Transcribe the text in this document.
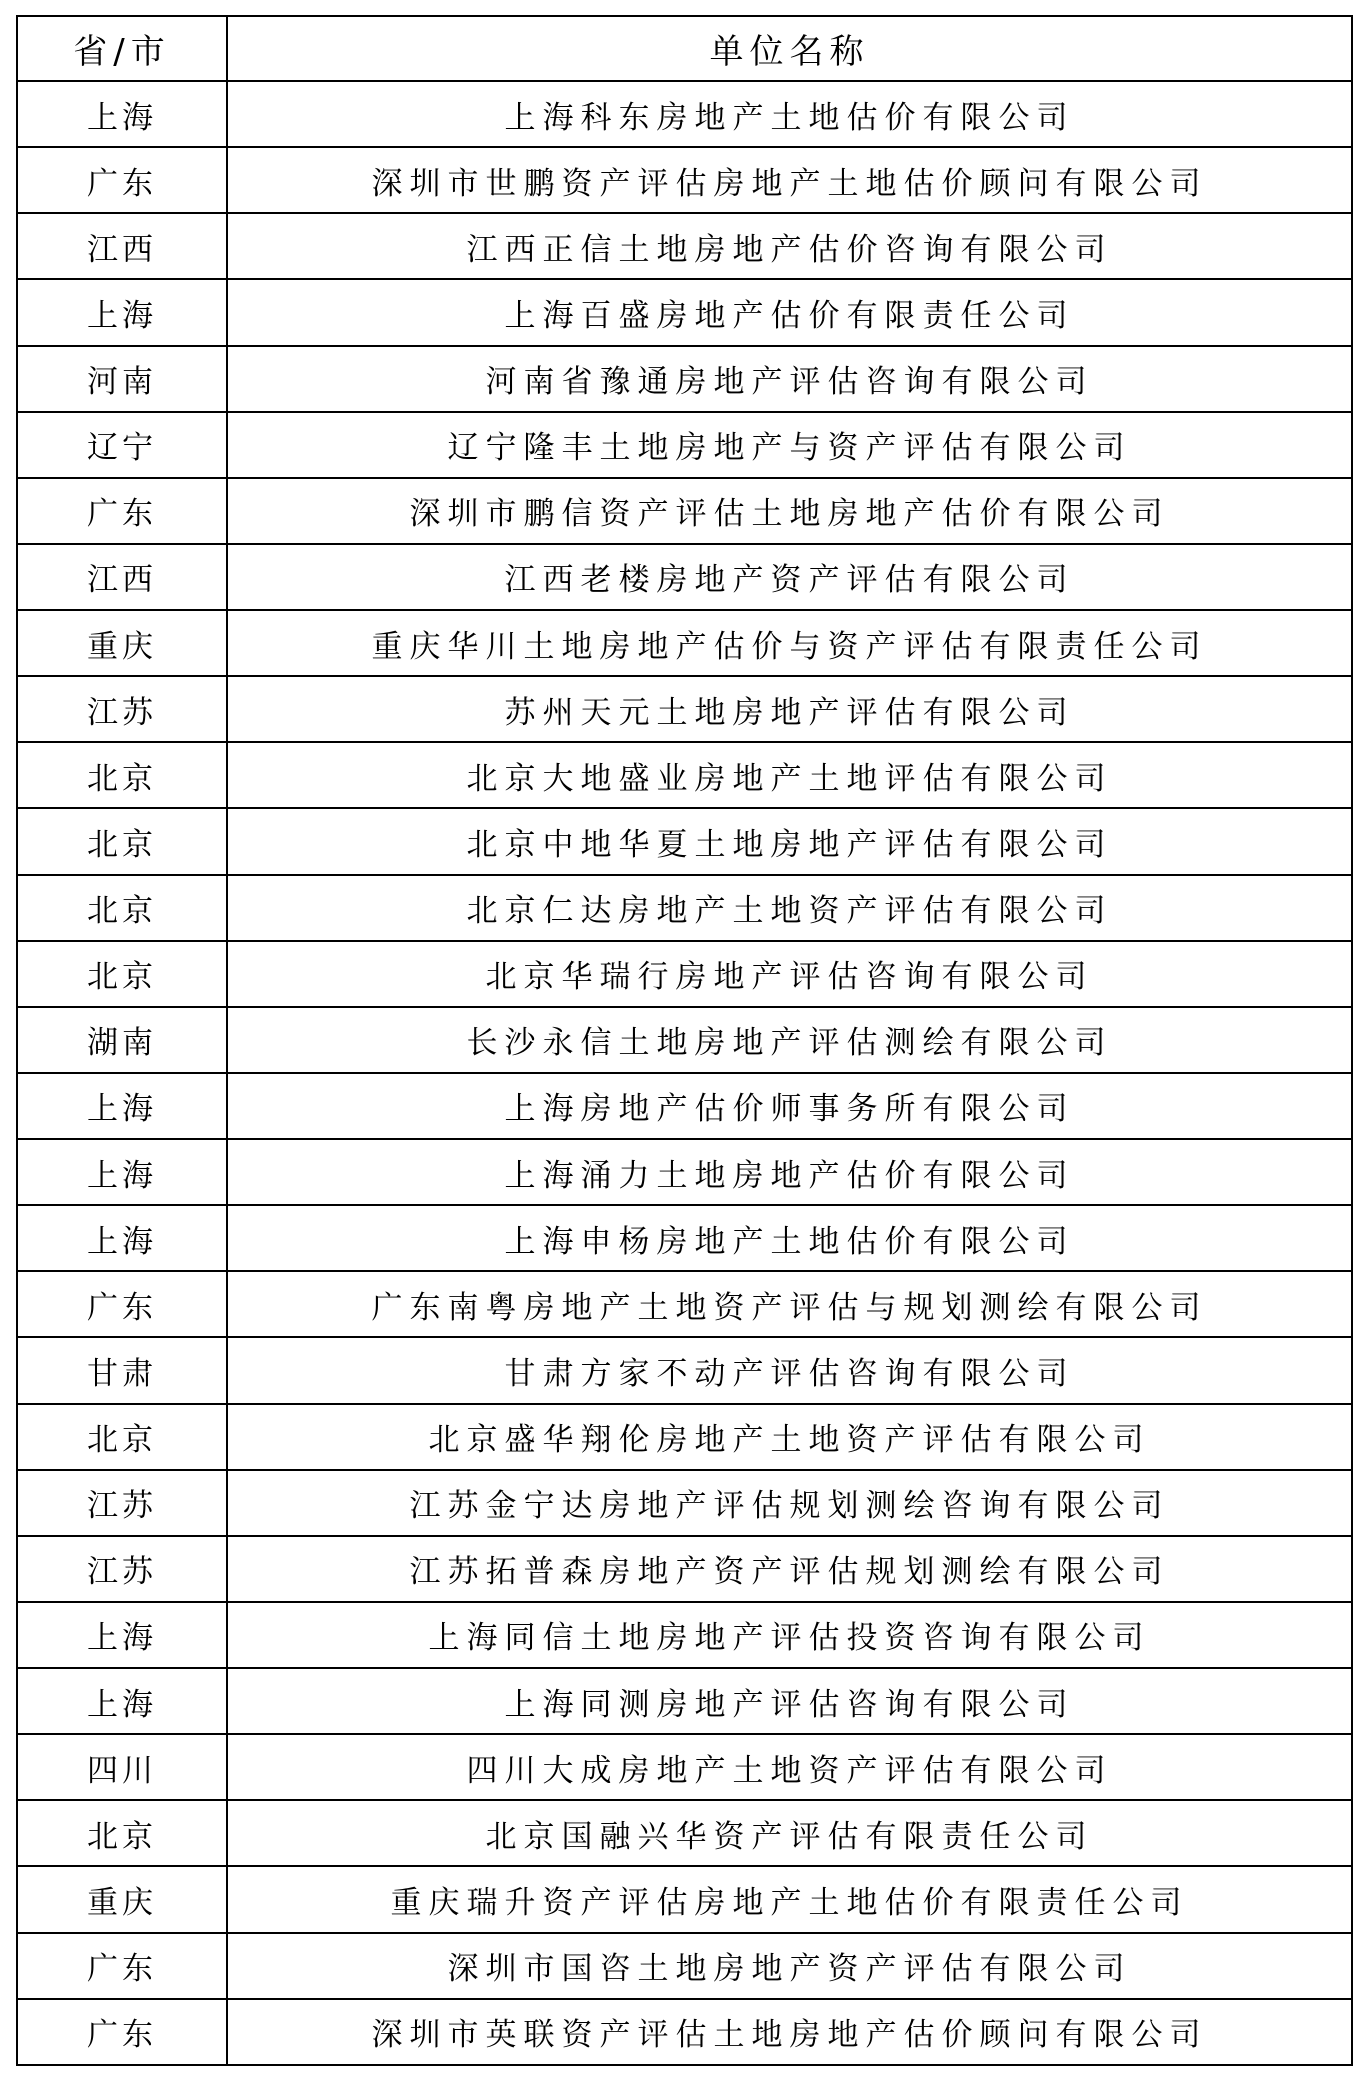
省/市	单位名称
上海	上海科东房地产土地估价有限公司
广东	深圳市世鹏资产评估房地产土地估价顾问有限公司
江西	江西正信土地房地产估价咨询有限公司
上海	上海百盛房地产估价有限责任公司
河南	河南省豫通房地产评估咨询有限公司
辽宁	辽宁隆丰土地房地产与资产评估有限公司
广东	深圳市鹏信资产评估土地房地产估价有限公司
江西	江西老楼房地产资产评估有限公司
重庆	重庆华川土地房地产估价与资产评估有限责任公司
江苏	苏州天元土地房地产评估有限公司
北京	北京大地盛业房地产土地评估有限公司
北京	北京中地华夏土地房地产评估有限公司
北京	北京仁达房地产土地资产评估有限公司
北京	北京华瑞行房地产评估咨询有限公司
湖南	长沙永信土地房地产评估测绘有限公司
上海	上海房地产估价师事务所有限公司
上海	上海涌力土地房地产估价有限公司
上海	上海申杨房地产土地估价有限公司
广东	广东南粤房地产土地资产评估与规划测绘有限公司
甘肃	甘肃方家不动产评估咨询有限公司
北京	北京盛华翔伦房地产土地资产评估有限公司
江苏	江苏金宁达房地产评估规划测绘咨询有限公司
江苏	江苏拓普森房地产资产评估规划测绘有限公司
上海	上海同信土地房地产评估投资咨询有限公司
上海	上海同测房地产评估咨询有限公司
四川	四川大成房地产土地资产评估有限公司
北京	北京国融兴华资产评估有限责任公司
重庆	重庆瑞升资产评估房地产土地估价有限责任公司
广东	深圳市国咨土地房地产资产评估有限公司
广东	深圳市英联资产评估土地房地产估价顾问有限公司
